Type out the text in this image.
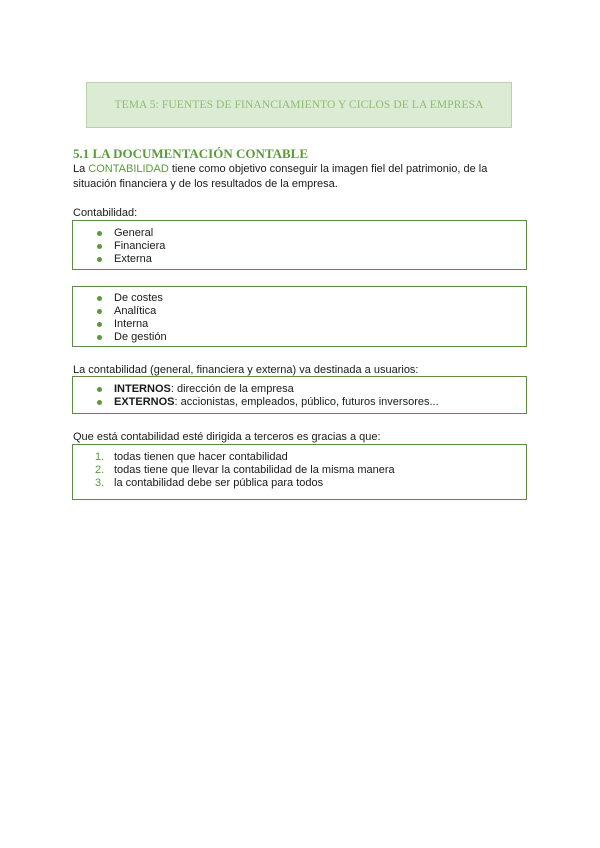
TEMA 5: FUENTES DE FINANCIAMIENTO Y CICLOS DE LA EMPRESA
5.1 LA DOCUMENTACIÓN CONTABLE

La CONTABILIDAD tiene como objetivo conseguir la imagen fiel del patrimonio, de la situación financiera y de los resultados de la empresa.

Contabilidad:
General
Financiera
Externa
De costes
Analítica
Interna
De gestión
La contabilidad (general, financiera y externa) va destinada a usuarios:
INTERNOS: dirección de la empresa
EXTERNOS: accionistas, empleados, público, futuros inversores...
Que está contabilidad esté dirigida a terceros es gracias a que:
1. todas tienen que hacer contabilidad
2. todas tiene que llevar la contabilidad de la misma manera
3. la contabilidad debe ser pública para todos
